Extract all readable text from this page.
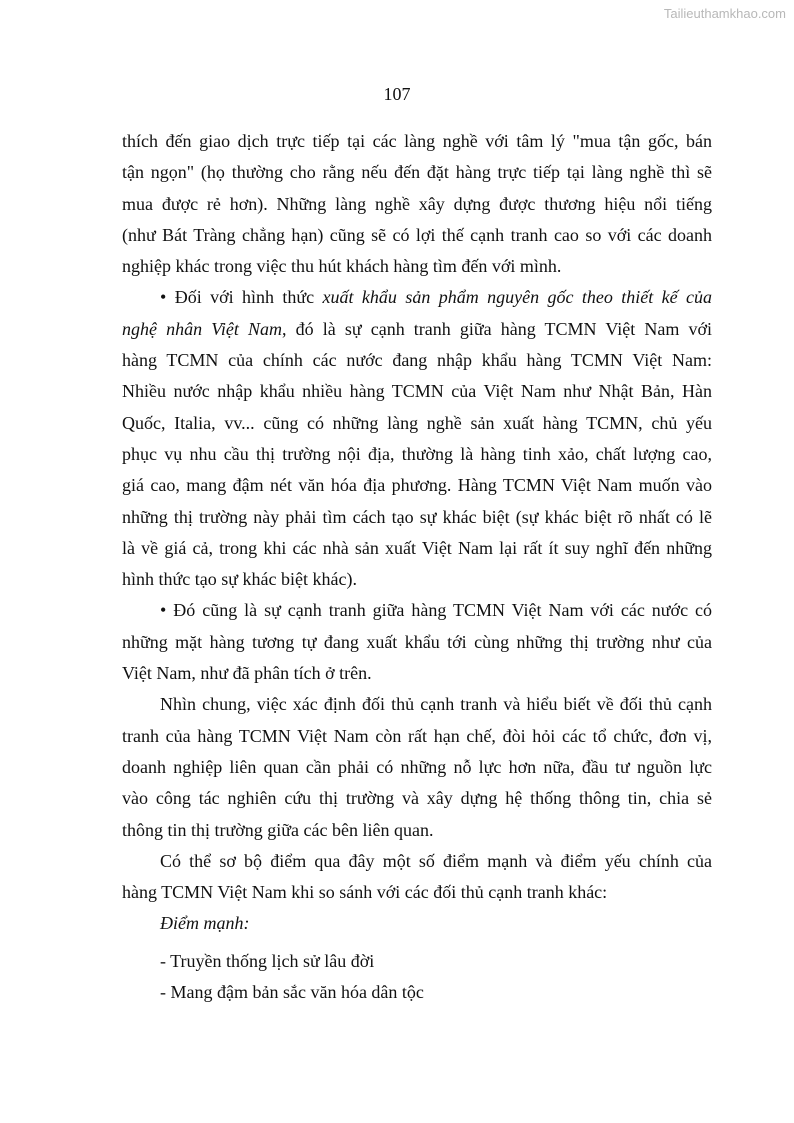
Tailieuthamkhao.com
107
thích đến giao dịch trực tiếp tại các làng nghề với tâm lý "mua tận gốc, bán
tận ngọn" (họ thường cho rằng nếu đến đặt hàng trực tiếp tại làng nghề thì sẽ
mua được rẻ hơn). Những làng nghề xây dựng được thương hiệu nổi tiếng
(như Bát Tràng chẳng hạn) cũng sẽ có lợi thế cạnh tranh cao so với các doanh
nghiệp khác trong việc thu hút khách hàng tìm đến với mình.
• Đối với hình thức xuất khẩu sản phẩm nguyên gốc theo thiết kế của
nghệ nhân Việt Nam, đó là sự cạnh tranh giữa hàng TCMN Việt Nam với
hàng TCMN của chính các nước đang nhập khẩu hàng TCMN Việt Nam:
Nhiều nước nhập khẩu nhiều hàng TCMN của Việt Nam như Nhật Bản, Hàn
Quốc, Italia, vv... cũng có những làng nghề sản xuất hàng TCMN, chủ yếu
phục vụ nhu cầu thị trường nội địa, thường là hàng tinh xảo, chất lượng cao,
giá cao, mang đậm nét văn hóa địa phương. Hàng TCMN Việt Nam muốn vào
những thị trường này phải tìm cách tạo sự khác biệt (sự khác biệt rõ nhất có lẽ
là về giá cả, trong khi các nhà sản xuất Việt Nam lại rất ít suy nghĩ đến những
hình thức tạo sự khác biệt khác).
• Đó cũng là sự cạnh tranh giữa hàng TCMN Việt Nam với các nước có
những mặt hàng tương tự đang xuất khẩu tới cùng những thị trường như của
Việt Nam, như đã phân tích ở trên.
Nhìn chung, việc xác định đối thủ cạnh tranh và hiểu biết về đối thủ cạnh
tranh của hàng TCMN Việt Nam còn rất hạn chế, đòi hỏi các tổ chức, đơn vị,
doanh nghiệp liên quan cần phải có những nỗ lực hơn nữa, đầu tư nguồn lực
vào công tác nghiên cứu thị trường và xây dựng hệ thống thông tin, chia sẻ
thông tin thị trường giữa các bên liên quan.
Có thể sơ bộ điểm qua đây một số điểm mạnh và điểm yếu chính của
hàng TCMN Việt Nam khi so sánh với các đối thủ cạnh tranh khác:
Điểm mạnh:
- Truyền thống lịch sử lâu đời
- Mang đậm bản sắc văn hóa dân tộc
